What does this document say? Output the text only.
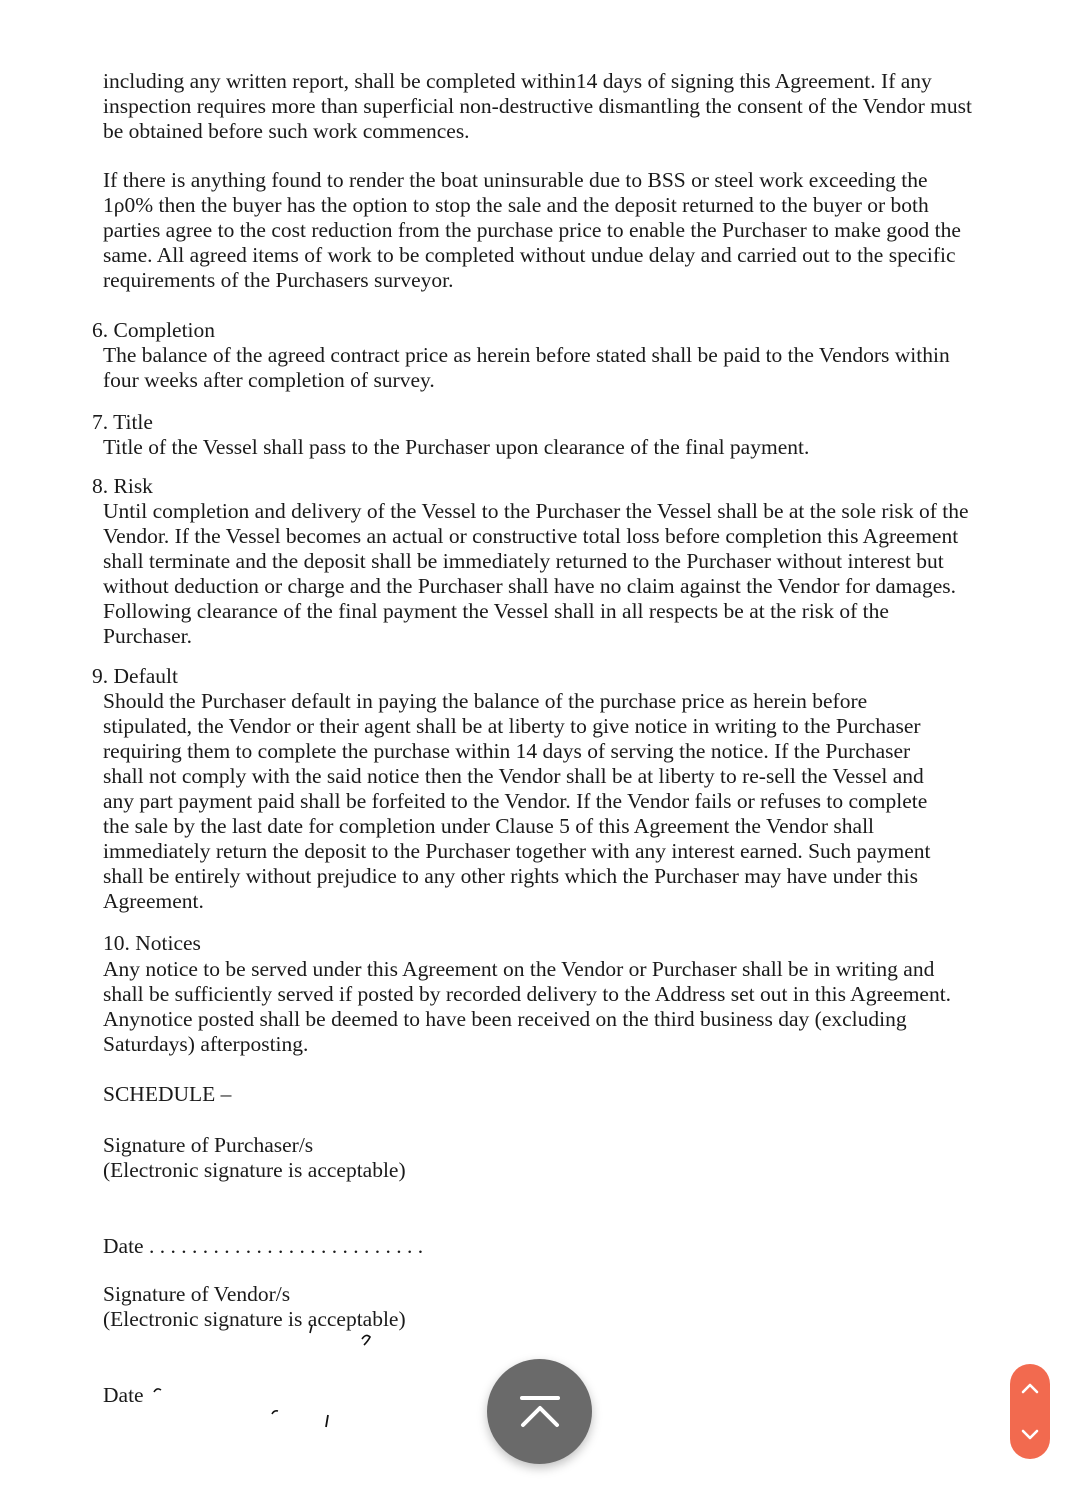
including any written report, shall be completed within14 days of signing this Agreement. If any inspection requires more than superficial non-destructive dismantling the consent of the Vendor must be obtained before such work commences.

If there is anything found to render the boat uninsurable due to BSS or steel work exceeding the 1ρ0% then the buyer has the option to stop the sale and the deposit returned to the buyer or both parties agree to the cost reduction from the purchase price to enable the Purchaser to make good the same. All agreed items of work to be completed without undue delay and carried out to the specific requirements of the Purchasers surveyor.

6. Completion

The balance of the agreed contract price as herein before stated shall be paid to the Vendors within four weeks after completion of survey.

7. Title

Title of the Vessel shall pass to the Purchaser upon clearance of the final payment.

8. Risk

Until completion and delivery of the Vessel to the Purchaser the Vessel shall be at the sole risk of the Vendor. If the Vessel becomes an actual or constructive total loss before completion this Agreement shall terminate and the deposit shall be immediately returned to the Purchaser without interest but without deduction or charge and the Purchaser shall have no claim against the Vendor for damages. Following clearance of the final payment the Vessel shall in all respects be at the risk of the Purchaser.

9. Default

Should the Purchaser default in paying the balance of the purchase price as herein before stipulated, the Vendor or their agent shall be at liberty to give notice in writing to the Purchaser requiring them to complete the purchase within 14 days of serving the notice. If the Purchaser shall not comply with the said notice then the Vendor shall be at liberty to re-sell the Vessel and any part payment paid shall be forfeited to the Vendor. If the Vendor fails or refuses to complete the sale by the last date for completion under Clause 5 of this Agreement the Vendor shall immediately return the deposit to the Purchaser together with any interest earned. Such payment shall be entirely without prejudice to any other rights which the Purchaser may have under this Agreement.

10. Notices

Any notice to be served under this Agreement on the Vendor or Purchaser shall be in writing and shall be sufficiently served if posted by recorded delivery to the Address set out in this Agreement. Anynotice posted shall be deemed to have been received on the third business day (excluding Saturdays) afterposting.

SCHEDULE –
Signature of Purchaser/s
(Electronic signature is acceptable)
Date . . . . . . . . . . . . . . . . . . . . . . . . . .
Signature of Vendor/s
(Electronic signature is acceptable)
Date
